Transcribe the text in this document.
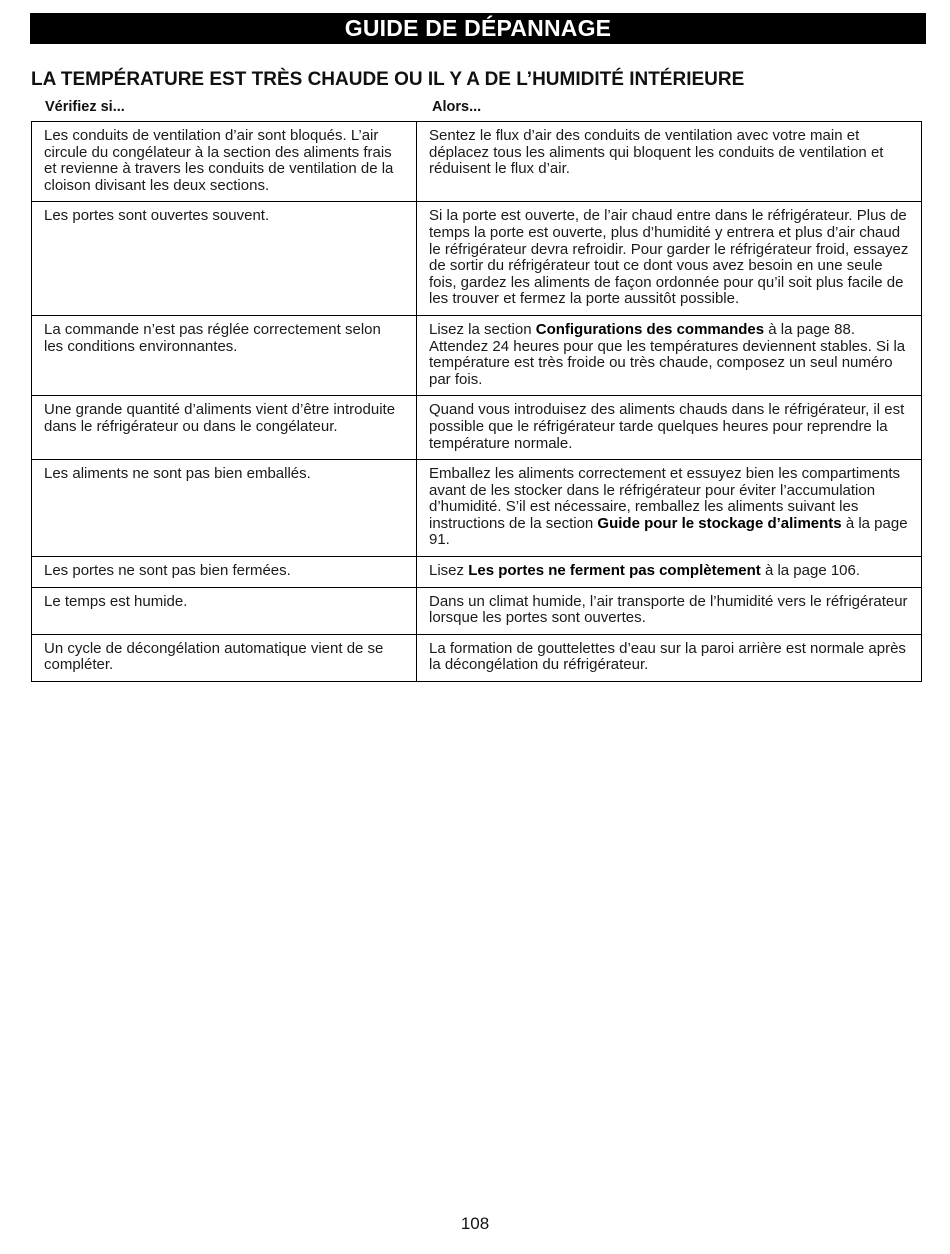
GUIDE DE DÉPANNAGE
LA TEMPÉRATURE EST TRÈS CHAUDE OU IL Y A DE L’HUMIDITÉ INTÉRIEURE
Vérifiez si...	Alors...
Les conduits de ventilation d’air sont bloqués. L’air circule du congélateur à la section des aliments frais et revienne à travers les conduits de ventilation de la cloison divisant les deux sections.	Sentez le flux d’air des conduits de ventilation avec votre main et déplacez tous les aliments qui bloquent les conduits de ventilation et réduisent le flux d’air.
Les portes sont ouvertes souvent.	Si la porte est ouverte, de l’air chaud entre dans le réfrigérateur. Plus de temps la porte est ouverte, plus d’humidité y entrera et plus d’air chaud le réfrigérateur devra refroidir. Pour garder le réfrigérateur froid, essayez de sortir du réfrigérateur tout ce dont vous avez besoin en une seule fois, gardez les aliments de façon ordonnée pour qu’il soit plus facile de les trouver et fermez la porte aussitôt possible.
La commande n’est pas réglée correctement selon les conditions environnantes.	Lisez la section Configurations des commandes à la page 88. Attendez 24 heures pour que les températures deviennent stables. Si la température est très froide ou très chaude, composez un seul numéro par fois.
Une grande quantité d’aliments vient d’être introduite dans le réfrigérateur ou dans le congélateur.	Quand vous introduisez des aliments chauds dans le réfrigérateur, il est possible que le réfrigérateur tarde quelques heures pour reprendre la température normale.
Les aliments ne sont pas bien emballés.	Emballez les aliments correctement et essuyez bien les compartiments avant de les stocker dans le réfrigérateur pour éviter l’accumulation d’humidité. S’il est nécessaire, remballez les aliments suivant les instructions de la section Guide pour le stockage d’aliments à la page 91.
Les portes ne sont pas bien fermées.	Lisez Les portes ne ferment pas complètement à la page 106.
Le temps est humide.	Dans un climat humide, l’air transporte de l’humidité vers le réfrigérateur lorsque les portes sont ouvertes.
Un cycle de décongélation automatique vient de se compléter.	La formation de gouttelettes d’eau sur la paroi arrière est normale après la décongélation du réfrigérateur.
108
